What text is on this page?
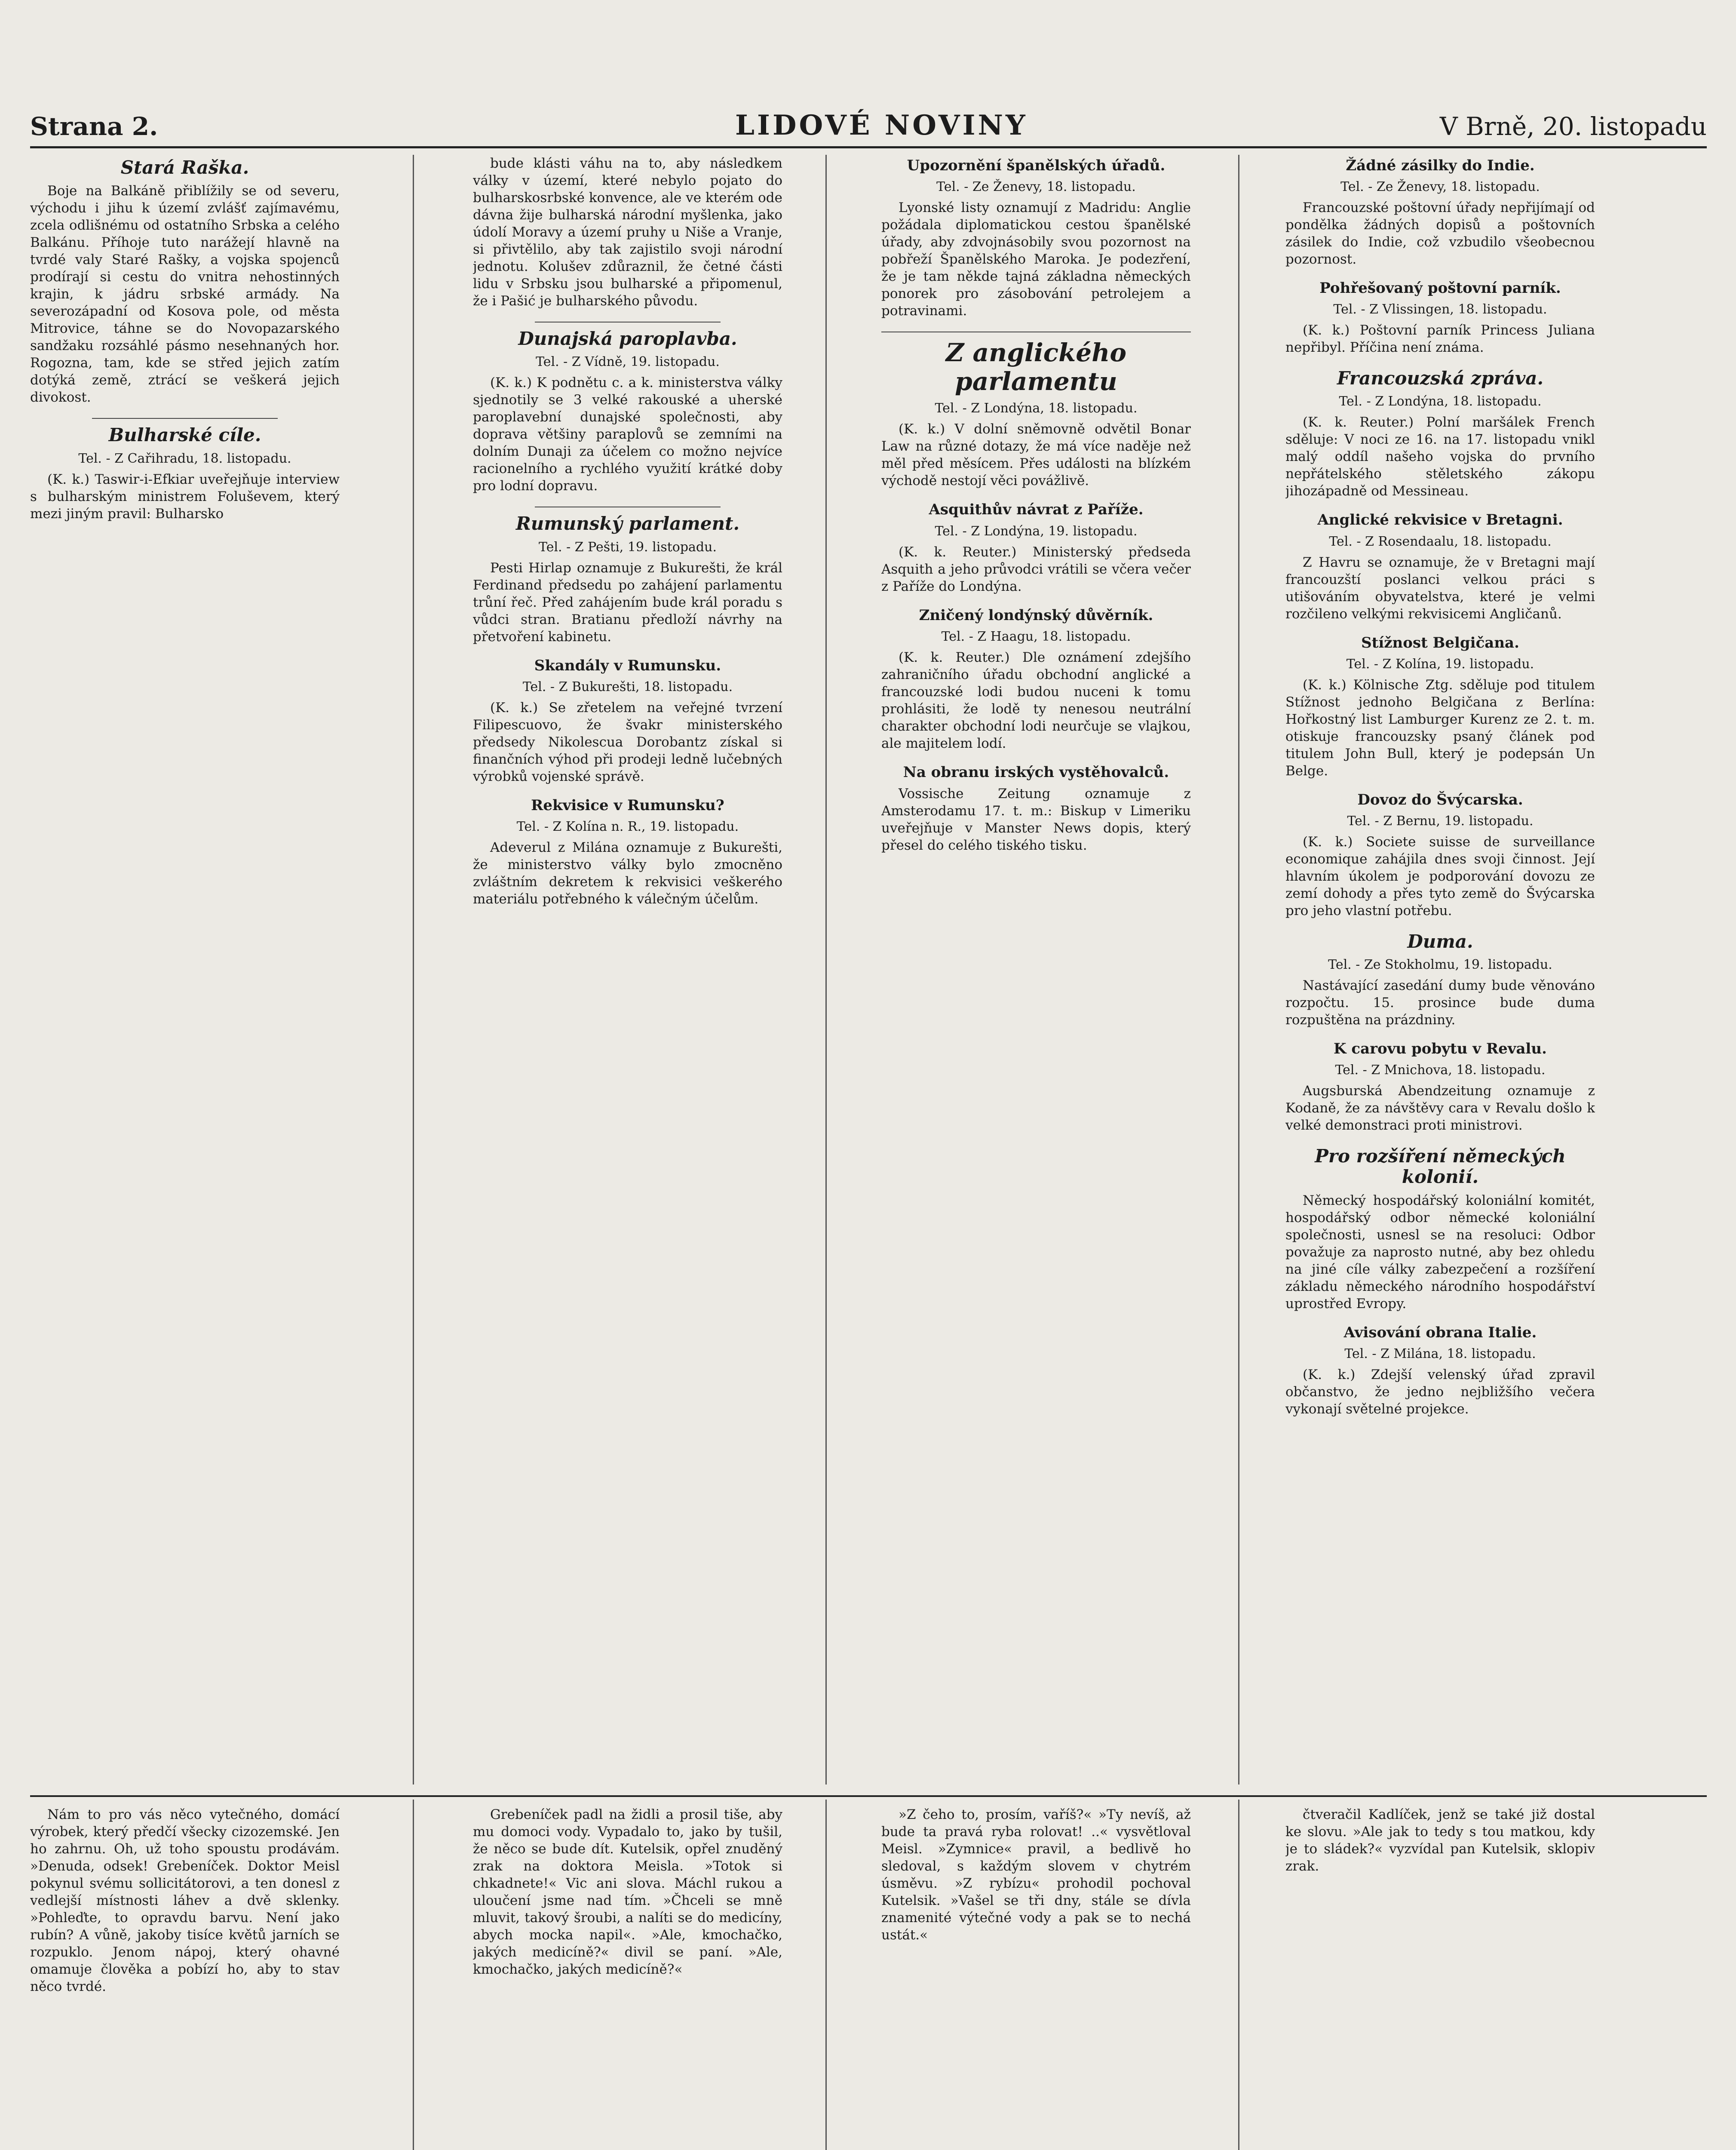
Strana 2.	LIDOVÉ NOVINY	V Brně, 20. listopadu
Stará Raška.

Boje na Balkáně přiblížily se od severu, východu i jihu k území zvlášť zajímavému, zcela odlišnému od ostatního Srbska a celého Balkánu. Příhoje tuto narážejí hlavně na tvrdé valy Staré Rašky, a vojska spojenců prodírají si cestu do vnitra nehostinných krajin, k jádru srbské armády. Na severozápadní od Kosova pole, od města Mitrovice, táhne se do Novopazarského sandžaku rozsáhlé pásmo nesehnaných hor. Rogozna, tam, kde se střed jejich zatím dotýká země, ztrácí se veškerá jejich divokost.

Bulharské cíle.
Tel. - Z Cařihradu, 18. listopadu.

(K. k.) Taswir-i-Efkiar uveřejňuje interview s bulharským ministrem Foluševem, který mezi jiným pravil: Bulharsko

bude klásti váhu na to, aby následkem války v území, které nebylo pojato do bulharskosrbské konvence, ale ve kterém ode dávna žije bulharská národní myšlenka, jako údolí Moravy a území pruhy u Niše a Vranje, si přivtělilo, aby tak zajistilo svoji národní jednotu. Kolušev zdůraznil, že četné části lidu v Srbsku jsou bulharské a připomenul, že i Pašić je bulharského původu.

Dunajská paroplavba.
Tel. - Z Vídně, 19. listopadu.

(K. k.) K podnětu c. a k. ministerstva války sjednotily se 3 velké rakouské a uherské paroplavební dunajské společnosti, aby doprava většiny paraplovů se zemními na dolním Dunaji za účelem co možno nejvíce racionelního a rychlého využití krátké doby pro lodní dopravu.

Rumunský parlament.
Tel. - Z Pešti, 19. listopadu.

Pesti Hirlap oznamuje z Bukurešti, že král Ferdinand předsedu po zahájení parlamentu trůní řeč. Před zahájením bude král poradu s vůdci stran. Bratianu předloží návrhy na přetvoření kabinetu.

Skandály v Rumunsku.
Tel. - Z Bukurešti, 18. listopadu.

(K. k.) Se zřetelem na veřejné tvrzení Filipescuovo, že švakr ministerského předsedy Nikolescua Dorobantz získal si finančních výhod při prodeji ledně lučebných výrobků vojenské správě.

Rekvisice v Rumunsku?
Tel. - Z Kolína n. R., 19. listopadu.

Adeverul z Milána oznamuje z Bukurešti, že ministerstvo války bylo zmocněno zvláštním dekretem k rekvisici veškerého materiálu potřebného k válečným účelům.

Upozornění španělských úřadů.
Tel. - Ze Ženevy, 18. listopadu.

Lyonské listy oznamují z Madridu: Anglie požádala diplomatickou cestou španělské úřady, aby zdvojnásobily svou pozornost na pobřeží Španělského Maroka. Je podezření, že je tam někde tajná základna německých ponorek pro zásobování petrolejem a potravinami.

Z anglického parlamentu
Tel. - Z Londýna, 18. listopadu.

(K. k.) V dolní sněmovně odvětil Bonar Law na různé dotazy, že má více naděje než měl před měsícem. Přes události na blízkém východě nestojí věci povážlivě.

Asquithův návrat z Paříže.
Tel. - Z Londýna, 19. listopadu.

(K. k. Reuter.) Ministerský předseda Asquith a jeho průvodci vrátili se včera večer z Paříže do Londýna.

Zničený londýnský důvěrník.
Tel. - Z Haagu, 18. listopadu.

(K. k. Reuter.) Dle oznámení zdejšího zahraničního úřadu obchodní anglické a francouzské lodi budou nuceni k tomu prohlásiti, že lodě ty nenesou neutrální charakter obchodní lodi neurčuje se vlajkou, ale majitelem lodí.

Na obranu irských vystěhovalců.

Vossische Zeitung oznamuje z Amsterodamu 17. t. m.: Biskup v Limeriku uveřejňuje v Manster News dopis, který přesel do celého tiského tisku.

Žádné zásilky do Indie.
Tel. - Ze Ženevy, 18. listopadu.

Francouzské poštovní úřady nepřijímají od pondělka žádných dopisů a poštovních zásilek do Indie, což vzbudilo všeobecnou pozornost.

Pohřešovaný poštovní parník.
Tel. - Z Vlissingen, 18. listopadu.

(K. k.) Poštovní parník Princess Juliana nepřibyl. Příčina není známa.

Francouzská zpráva.
Tel. - Z Londýna, 18. listopadu.

(K. k. Reuter.) Polní maršálek French sděluje: V noci ze 16. na 17. listopadu vnikl malý oddíl našeho vojska do prvního nepřátelského stěletského zákopu jihozápadně od Messineau.

Anglické rekvisice v Bretagni.
Tel. - Z Rosendaalu, 18. listopadu.

Z Havru se oznamuje, že v Bretagni mají francouzští poslanci velkou práci s utišováním obyvatelstva, které je velmi rozčileno velkými rekvisicemi Angličanů.

Stížnost Belgičana.
Tel. - Z Kolína, 19. listopadu.

(K. k.) Kölnische Ztg. sděluje pod titulem Stížnost jednoho Belgičana z Berlína: Hořkostný list Lamburger Kurenz ze 2. t. m. otiskuje francouzsky psaný článek pod titulem John Bull, který je podepsán Un Belge.

Dovoz do Švýcarska.
Tel. - Z Bernu, 19. listopadu.

(K. k.) Societe suisse de surveillance economique zahájila dnes svoji činnost. Její hlavním úkolem je podporování dovozu ze zemí dohody a přes tyto země do Švýcarska pro jeho vlastní potřebu.

Duma.
Tel. - Ze Stokholmu, 19. listopadu.

Nastávající zasedání dumy bude věnováno rozpočtu. 15. prosince bude duma rozpuštěna na prázdniny.

K carovu pobytu v Revalu.
Tel. - Z Mnichova, 18. listopadu.

Augsburská Abendzeitung oznamuje z Kodaně, že za návštěvy cara v Revalu došlo k velké demonstraci proti ministrovi.

Pro rozšíření německých kolonií.

Německý hospodářský koloniální komitét, hospodářský odbor německé koloniální společnosti, usnesl se na resoluci: Odbor považuje za naprosto nutné, aby bez ohledu na jiné cíle války zabezpečení a rozšíření základu německého národního hospodářství uprostřed Evropy.

Avisování obrana Italie.
Tel. - Z Milána, 18. listopadu.

(K. k.) Zdejší velenský úřad zpravil občanstvo, že jedno nejbližšího večera vykonají světelné projekce.

Nám to pro vás něco vytečného, domácí výrobek, který předčí všecky cizozemské. Jen ho zahrnu. Oh, už toho spoustu prodávám. »Denuda, odsek! Grebeníček. Doktor Meisl pokynul svému sollicitátorovi, a ten donesl z vedlejší místnosti láhev a dvě sklenky. »Pohleďte, to opravdu barvu. Není jako rubín? A vůně, jakoby tisíce květů jarních se rozpuklo. Jenom nápoj, který ohavné omamuje člověka a pobízí ho, aby to stav něco tvrdé.

Grebeníček padl na židli a prosil tiše, aby mu domoci vody. Vypadalo to, jako by tušil, že něco se bude dít. Kutelsik, opřel znuděný zrak na doktora Meisla. »Totok si chkadnete!« Vic ani slova. Máchl rukou a uloučení jsme nad tím. »Čhceli se mně mluvit, takový šroubi, a nalíti se do medicíny, abych mocka napil«. »Ale, kmochačko, jakých medicíně?« divil se paní. »Ale, kmochačko, jakých medicíně?«

»Z čeho to, prosím, vaříš?« »Ty nevíš, až bude ta pravá ryba rolovat! ..« vysvětloval Meisl. »Zymnice« pravil, a bedlivě ho sledoval, s každým slovem v chytrém úsměvu. »Z rybízu« prohodil pochoval Kutelsik. »Vašel se tři dny, stále se dívla znamenité výtečné vody a pak se to nechá ustát.«

čtveračil Kadlíček, jenž se také již dostal ke slovu. »Ale jak to tedy s tou matkou, kdy je to sládek?« vyzvídal pan Kutelsik, sklopiv zrak.
